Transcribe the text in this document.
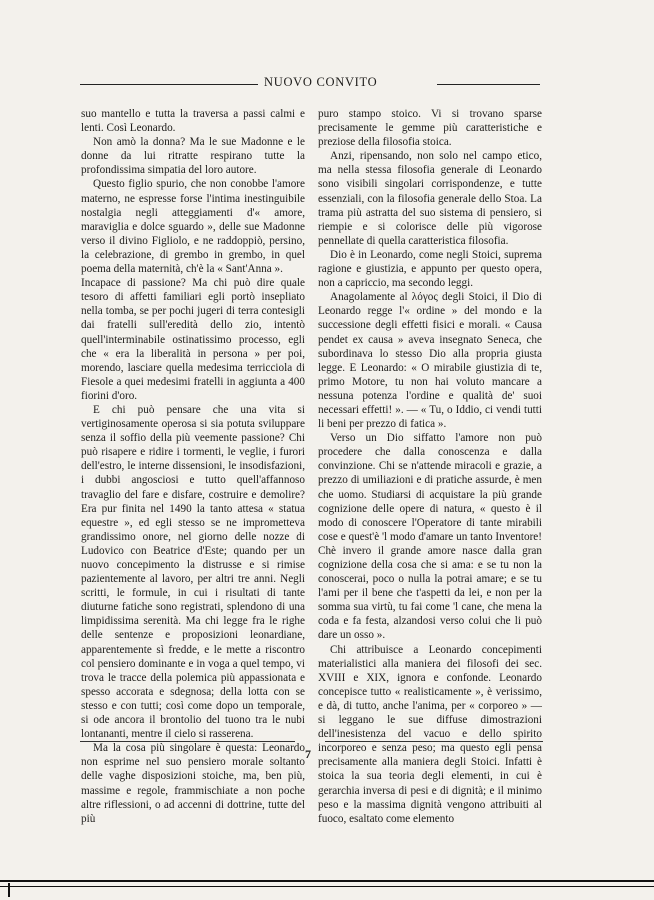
NUOVO CONVITO

suo mantello e tutta la traversa a passi calmi e lenti. Così Leonardo.

Non amò la donna? Ma le sue Madonne e le donne da lui ritratte respirano tutte la profondissima simpatia del loro autore.

Questo figlio spurio, che non conobbe l'amore materno, ne espresse forse l'intima inestinguibile nostalgia negli atteggiamenti d'« amore, maraviglia e dolce sguardo », delle sue Madonne verso il divino Figliolo, e ne raddoppiò, persino, la celebrazione, di grembo in grembo, in quel poema della maternità, ch'è la « Sant'Anna ».

Incapace di passione? Ma chi può dire quale tesoro di affetti familiari egli portò insepliato nella tomba, se per pochi jugeri di terra contesigli dai fratelli sull'eredità dello zio, intentò quell'interminabile ostinatissimo processo, egli che « era la liberalità in persona » per poi, morendo, lasciare quella medesima terricciola di Fiesole a quei medesimi fratelli in aggiunta a 400 fiorini d'oro.

E chi può pensare che una vita si vertiginosamente operosa si sia potuta sviluppare senza il soffio della più veemente passione? Chi può risapere e ridire i tormenti, le veglie, i furori dell'estro, le interne dissensioni, le insodisfazioni, i dubbi angosciosi e tutto quell'affannoso travaglio del fare e disfare, costruire e demolire? Era pur finita nel 1490 la tanto attesa « statua equestre », ed egli stesso se ne imprometteva grandissimo onore, nel giorno delle nozze di Ludovico con Beatrice d'Este; quando per un nuovo concepimento la distrusse e si rimise pazientemente al lavoro, per altri tre anni. Negli scritti, le formule, in cui i risultati di tante diuturne fatiche sono registrati, splendono di una limpidissima serenità. Ma chi legge fra le righe delle sentenze e proposizioni leonardiane, apparentemente sì fredde, e le mette a riscontro col pensiero dominante e in voga a quel tempo, vi trova le tracce della polemica più appassionata e spesso accorata e sdegnosa; della lotta con se stesso e con tutti; così come dopo un temporale, si ode ancora il brontolio del tuono tra le nubi lontananti, mentre il cielo si rasserena.

Ma la cosa più singolare è questa: Leonardo non esprime nel suo pensiero morale soltanto delle vaghe disposizioni stoiche, ma, ben più, massime e regole, frammischiate a non poche altre riflessioni, o ad accenni di dottrine, tutte del più

puro stampo stoico. Vi si trovano sparse precisamente le gemme più caratteristiche e preziose della filosofia stoica.

Anzi, ripensando, non solo nel campo etico, ma nella stessa filosofia generale di Leonardo sono visibili singolari corrispondenze, e tutte essenziali, con la filosofia generale dello Stoa. La trama più astratta del suo sistema di pensiero, si riempie e si colorisce delle più vigorose pennellate di quella caratteristica filosofia.

Dio è in Leonardo, come negli Stoici, suprema ragione e giustizia, e appunto per questo opera, non a capriccio, ma secondo leggi.

Anagolamente al λόγος degli Stoici, il Dio di Leonardo regge l'« ordine » del mondo e la successione degli effetti fisici e morali. « Causa pendet ex causa » aveva insegnato Seneca, che subordinava lo stesso Dio alla propria giusta legge. E Leonardo: « O mirabile giustizia di te, primo Motore, tu non hai voluto mancare a nessuna potenza l'ordine e qualità de' suoi necessari effetti! ». — « Tu, o Iddio, ci vendi tutti li beni per prezzo di fatica ».

Verso un Dio siffatto l'amore non può procedere che dalla conoscenza e dalla convinzione. Chi se n'attende miracoli e grazie, a prezzo di umiliazioni e di pratiche assurde, è men che uomo. Studiarsi di acquistare la più grande cognizione delle opere di natura, « questo è il modo di conoscere l'Operatore di tante mirabili cose e quest'è 'l modo d'amare un tanto Inventore! Chè invero il grande amore nasce dalla gran cognizione della cosa che si ama: e se tu non la conoscerai, poco o nulla la potrai amare; e se tu l'ami per il bene che t'aspetti da lei, e non per la somma sua virtù, tu fai come 'l cane, che mena la coda e fa festa, alzandosi verso colui che li può dare un osso ».

Chi attribuisce a Leonardo concepimenti materialistici alla maniera dei filosofi dei sec. XVIII e XIX, ignora e confonde. Leonardo concepisce tutto « realisticamente », è verissimo, e dà, di tutto, anche l'anima, per « corporeo » — si leggano le sue diffuse dimostrazioni dell'inesistenza del vacuo e dello spirito incorporeo e senza peso; ma questo egli pensa precisamente alla maniera degli Stoici. Infatti è stoica la sua teoria degli elementi, in cui è gerarchia inversa di pesi e di dignità; e il minimo peso e la massima dignità vengono attribuiti al fuoco, esaltato come elemento

7
